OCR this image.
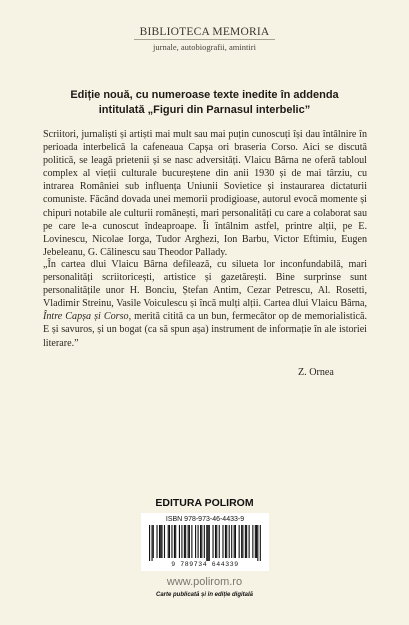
BIBLIOTECA MEMORIA
jurnale, autobiografii, amintiri
Ediție nouă, cu numeroase texte inedite în addenda
intitulată „Figuri din Parnasul interbelic”

Scriitori, jurnaliști și artiști mai mult sau mai puțin cunoscuți își dau întâlnire în perioada interbelică la cafeneaua Capșa ori braseria Corso. Aici se discută politică, se leagă prietenii și se nasc adversități. Vlaicu Bârna ne oferă tabloul complex al vieții culturale bucureștene din anii 1930 și de mai târziu, cu intrarea României sub influența Uniunii Sovietice și instaurarea dictaturii comuniste. Făcând dovada unei memorii prodigioase, autorul evocă momente și chipuri notabile ale culturii românești, mari personalități cu care a colaborat sau pe care le-a cunoscut îndeaproape. Îi întâlnim astfel, printre alții, pe E. Lovinescu, Nicolae Iorga, Tudor Arghezi, Ion Barbu, Victor Eftimiu, Eugen Jebeleanu, G. Călinescu sau Theodor Pallady.

„În cartea dlui Vlaicu Bârna defilează, cu silueta lor inconfundabilă, mari personalități scriitoricești, artistice și gazetărești. Bine surprinse sunt personalitățile unor H. Bonciu, Ștefan Antim, Cezar Petrescu, Al. Rosetti, Vladimir Streinu, Vasile Voiculescu și încă mulți alții. Cartea dlui Vlaicu Bârna, Între Capșa și Corso, merită citită ca un bun, fermecător op de memorialistică. E și savuros, și un bogat (ca să spun așa) instrument de informație în ale istoriei literare.”

Z. Ornea
EDITURA POLIROM
ISBN 978-973-46-4433-9
9 789734 644339
www.polirom.ro
Carte publicată și în ediție digitală
